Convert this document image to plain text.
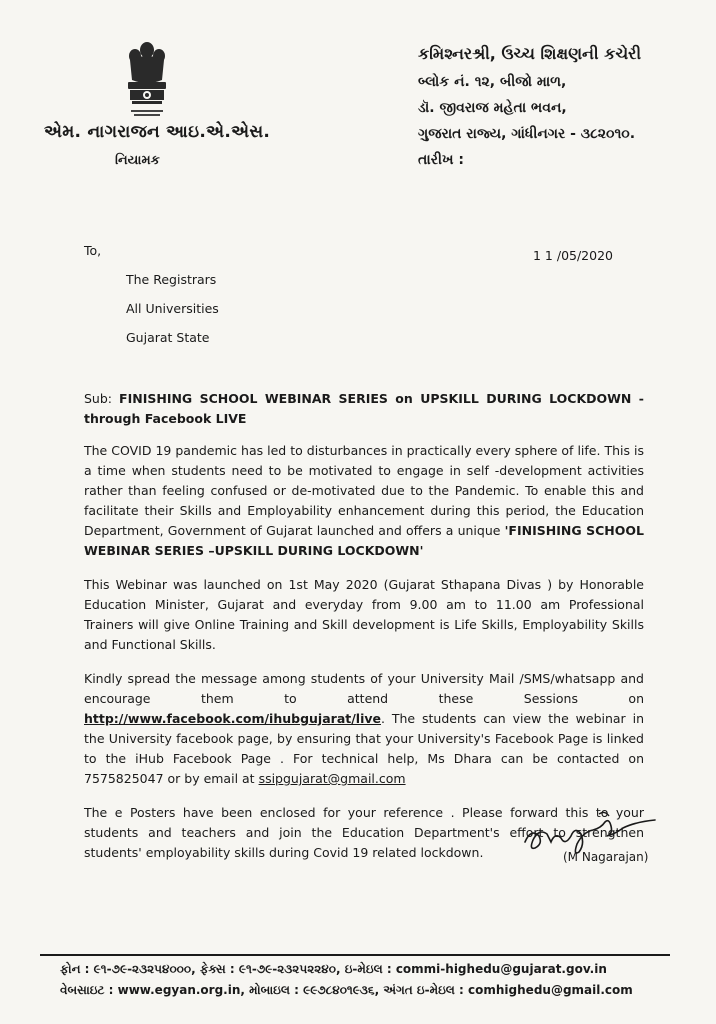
એમ. નાગરાજન આઇ.એ.એસ.
નિયામક
કમિશ્નરશ્રી, ઉચ્ચ શિક્ષણની કચેરી
બ્લોક નં. ૧૨, બીજો માળ,
ડૉ. જીવરાજ મહેતા ભવન,
ગુજરાત રાજ્ય, ગાંધીનગર - ૩૮૨૦૧૦.
તારીખ :
To,	1 1 /05/2020
The Registrars
All Universities
Gujarat State

Sub: FINISHING SCHOOL WEBINAR SERIES on UPSKILL DURING LOCKDOWN - through Facebook LIVE

The COVID 19 pandemic has led to disturbances in practically every sphere of life. This is a time when students need to be motivated to engage in self -development activities rather than feeling confused or de-motivated due to the Pandemic. To enable this and facilitate their Skills and Employability enhancement during this period, the Education Department, Government of Gujarat launched and offers a unique 'FINISHING SCHOOL WEBINAR SERIES –UPSKILL DURING LOCKDOWN'

This Webinar was launched on 1st May 2020 (Gujarat Sthapana Divas ) by Honorable Education Minister, Gujarat and everyday from 9.00 am to 11.00 am Professional Trainers will give Online Training and Skill development is Life Skills, Employability Skills and Functional Skills.

Kindly spread the message among students of your University Mail /SMS/whatsapp and encourage them to attend these Sessions on http://www.facebook.com/ihubgujarat/live. The students can view the webinar in the University facebook page, by ensuring that your University's Facebook Page is linked to the iHub Facebook Page . For technical help, Ms Dhara can be contacted on 7575825047 or by email at ssipgujarat@gmail.com

The e Posters have been enclosed for your reference . Please forward this to your students and teachers and join the Education Department's effort to strengthen students' employability skills during Covid 19 related lockdown.	(M Nagarajan)
ફોન : ૯૧-૭૯-૨૩૨૫૪૦૦૦, ફેક્સ : ૯૧-૭૯-૨૩૨૫૨૨૪૦, ઇ-મેઇલ : commi-highedu@gujarat.gov.in
વેબસાઇટ : www.egyan.org.in, મોબાઇલ : ૯૯૭૮૪૦૧૯૩૬, અંગત ઇ-મેઇલ : comhighedu@gmail.com
